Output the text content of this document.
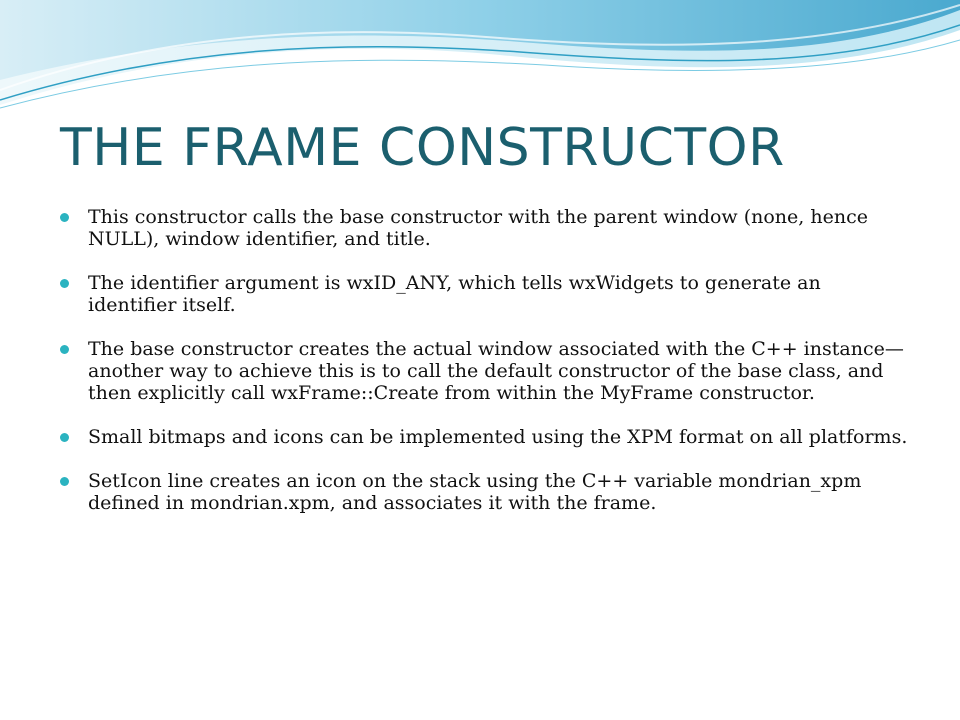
THE FRAME CONSTRUCTOR
This constructor calls the base constructor with the parent window (none, hence NULL), window identifier, and title.
The identifier argument is wxID_ANY, which tells wxWidgets to generate an identifier itself.
The base constructor creates the actual window associated with the C++ instance—another way to achieve this is to call the default constructor of the base class, and then explicitly call wxFrame::Create from within the MyFrame constructor.
Small bitmaps and icons can be implemented using the XPM format on all platforms.
SetIcon line creates an icon on the stack using the C++ variable mondrian_xpm defined in mondrian.xpm, and associates it with the frame.
